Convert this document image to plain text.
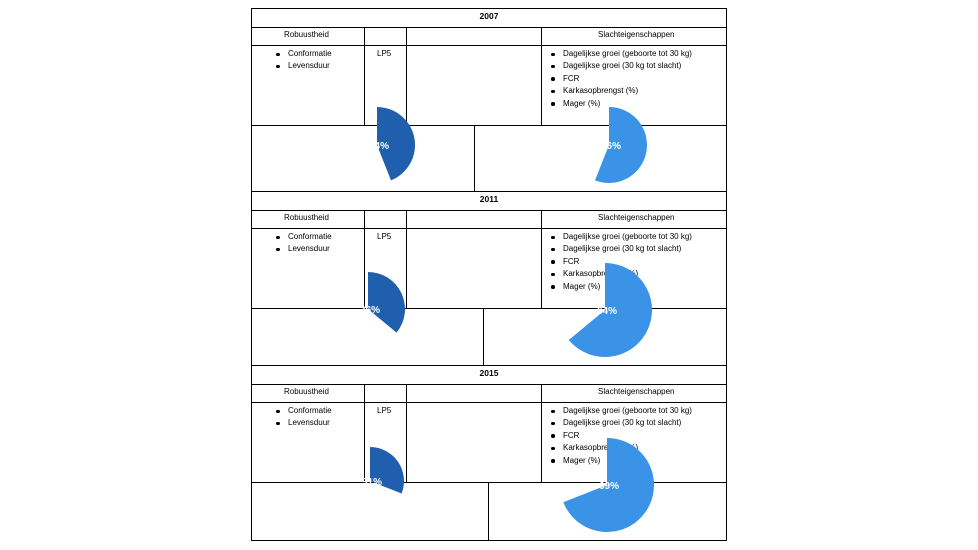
2007
Robuustheid	Slachteigenschappen
LP5
Conformatie
Levensduur
Dagelijkse groei (geboorte tot 30 kg)
Dagelijkse groei (30 kg tot slacht)
FCR
Karkasopbrengst (%)
Mager (%)
2011
Robuustheid	Slachteigenschappen
LP5
Conformatie
Levensduur
Dagelijkse groei (geboorte tot 30 kg)
Dagelijkse groei (30 kg tot slacht)
FCR
Karkasopbrengst (%)
Mager (%)
2015
Robuustheid	Slachteigenschappen
LP5
Conformatie
Levensduur
Dagelijkse groei (geboorte tot 30 kg)
Dagelijkse groei (30 kg tot slacht)
FCR
Karkasopbrengst (%)
Mager (%)
44%	56%
36%	64%
31%	69%
